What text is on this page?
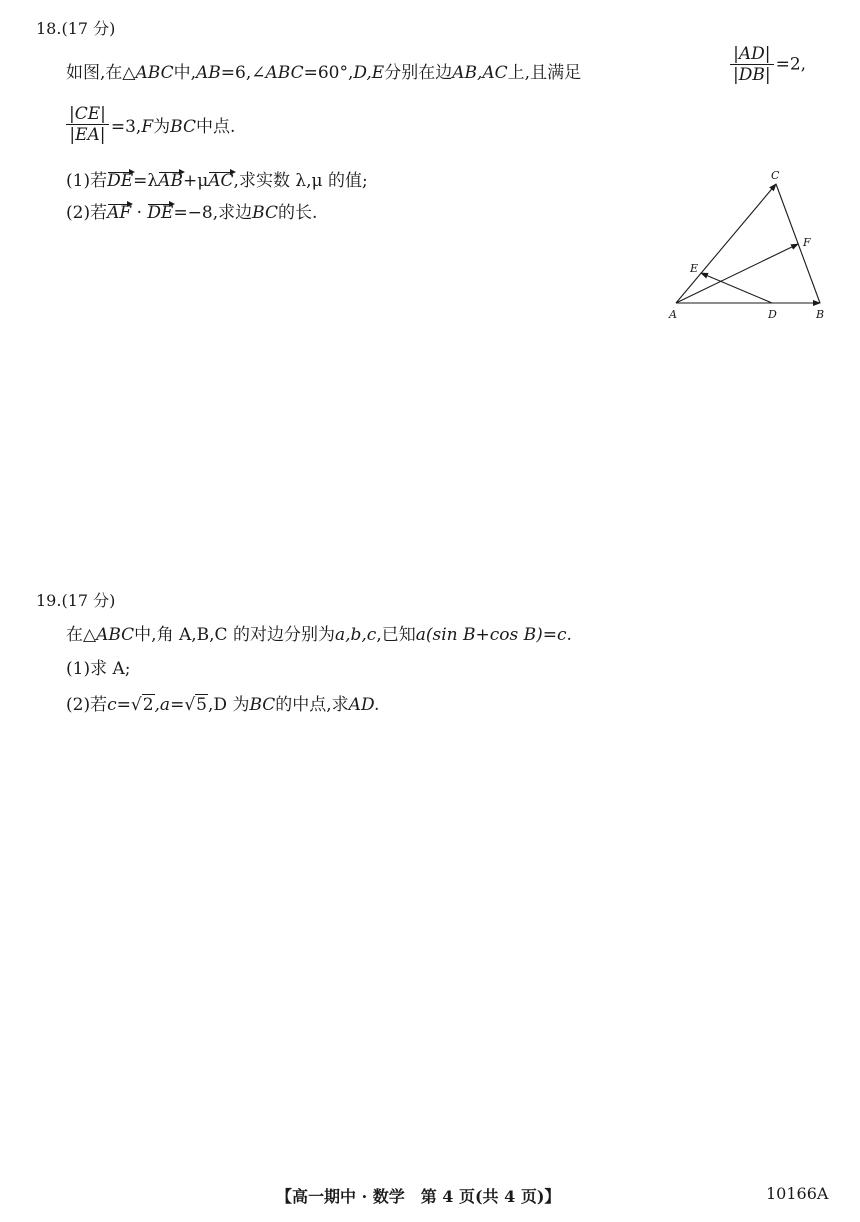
18.(17 分)
如图,在△ABC中,AB=6,∠ABC=60°,D,E分别在边AB,AC上,且满足	$\frac{|AD|}{|DB|} =2$,
$\frac{|CE|}{|EA|} =3,F$为BC中点.
(1)若DE=λAB+μAC,求实数 λ,μ 的值;
(2)若AF · DE=−8,求边BC的长.
A	B
C
D
E
F
19.(17 分)
在△ABC中,角 A,B,C 的对边分别为a,b,c,已知a(sin B+cos B)=c.
(1)求 A;
(2)若c=√2,a=√5,D 为BC的中点,求AD.
【高一期中 · 数学　第 4 页(共 4 页)】	10166A
